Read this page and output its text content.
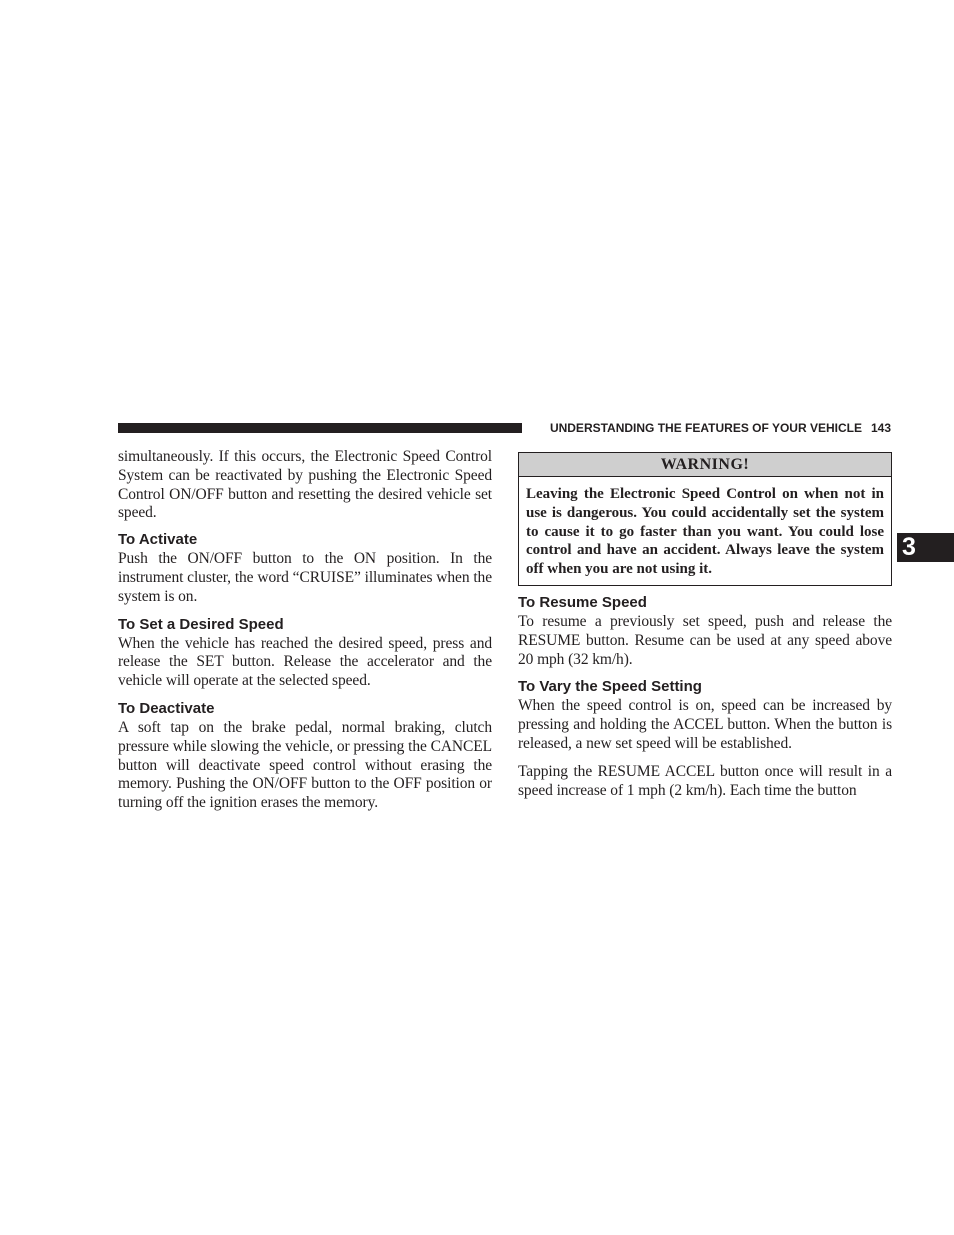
UNDERSTANDING THE FEATURES OF YOUR VEHICLE 143
3

simultaneously. If this occurs, the Electronic Speed Control System can be reactivated by pushing the Electronic Speed Control ON/OFF button and resetting the desired vehicle set speed.

To Activate

Push the ON/OFF button to the ON position. In the instrument cluster, the word “CRUISE” illuminates when the system is on.

To Set a Desired Speed

When the vehicle has reached the desired speed, press and release the SET button. Release the accelerator and the vehicle will operate at the selected speed.

To Deactivate

A soft tap on the brake pedal, normal braking, clutch pressure while slowing the vehicle, or pressing the CANCEL button will deactivate speed control without erasing the memory. Pushing the ON/OFF button to the OFF position or turning off the ignition erases the memory.

WARNING!

Leaving the Electronic Speed Control on when not in use is dangerous. You could accidentally set the system to cause it to go faster than you want. You could lose control and have an accident. Always leave the system off when you are not using it.

To Resume Speed

To resume a previously set speed, push and release the RESUME button. Resume can be used at any speed above 20 mph (32 km/h).

To Vary the Speed Setting

When the speed control is on, speed can be increased by pressing and holding the ACCEL button. When the button is released, a new set speed will be established.

Tapping the RESUME ACCEL button once will result in a speed increase of 1 mph (2 km/h). Each time the button
